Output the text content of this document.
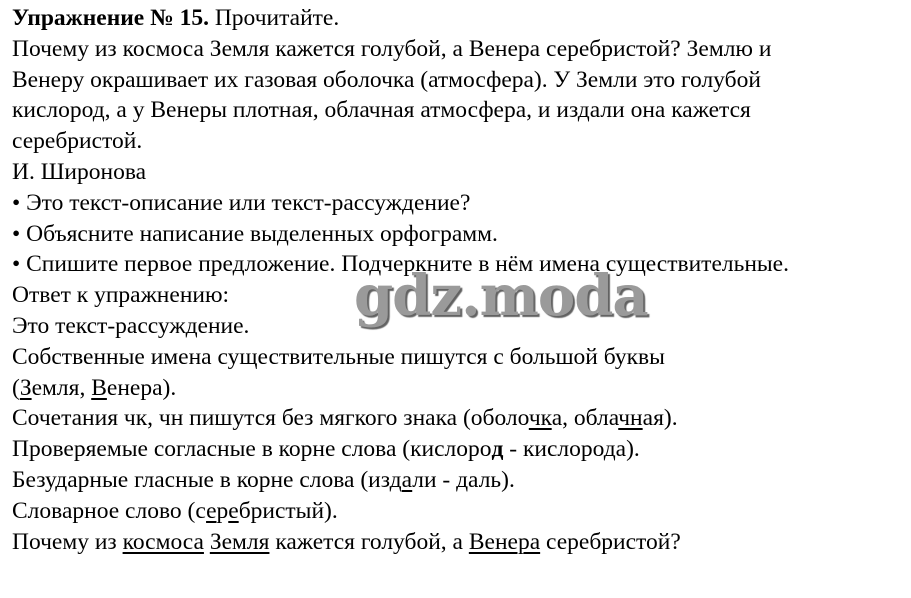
Упражнение № 15. Прочитайте.

Почему из космоса Земля кажется голубой, а Венера серебристой? Землю и

Венеру окрашивает их газовая оболочка (атмосфера). У Земли это голубой

кислород, а у Венеры плотная, облачная атмосфера, и издали она кажется

серебристой.

И. Широнова

• Это текст-описание или текст-рассуждение?

• Объясните написание выделенных орфограмм.

• Спишите первое предложение. Подчеркните в нём имена существительные.

Ответ к упражнению:

Это текст-рассуждение.

Собственные имена существительные пишутся с большой буквы

(Земля, Венера).

Сочетания чк, чн пишутся без мягкого знака (оболочка, облачная).

Проверяемые согласные в корне слова (кислород - кислорода).

Безударные гласные в корне слова (издали - даль).

Словарное слово (серебристый).

Почему из космоса Земля кажется голубой, а Венера серебристой?

gdz.moda
